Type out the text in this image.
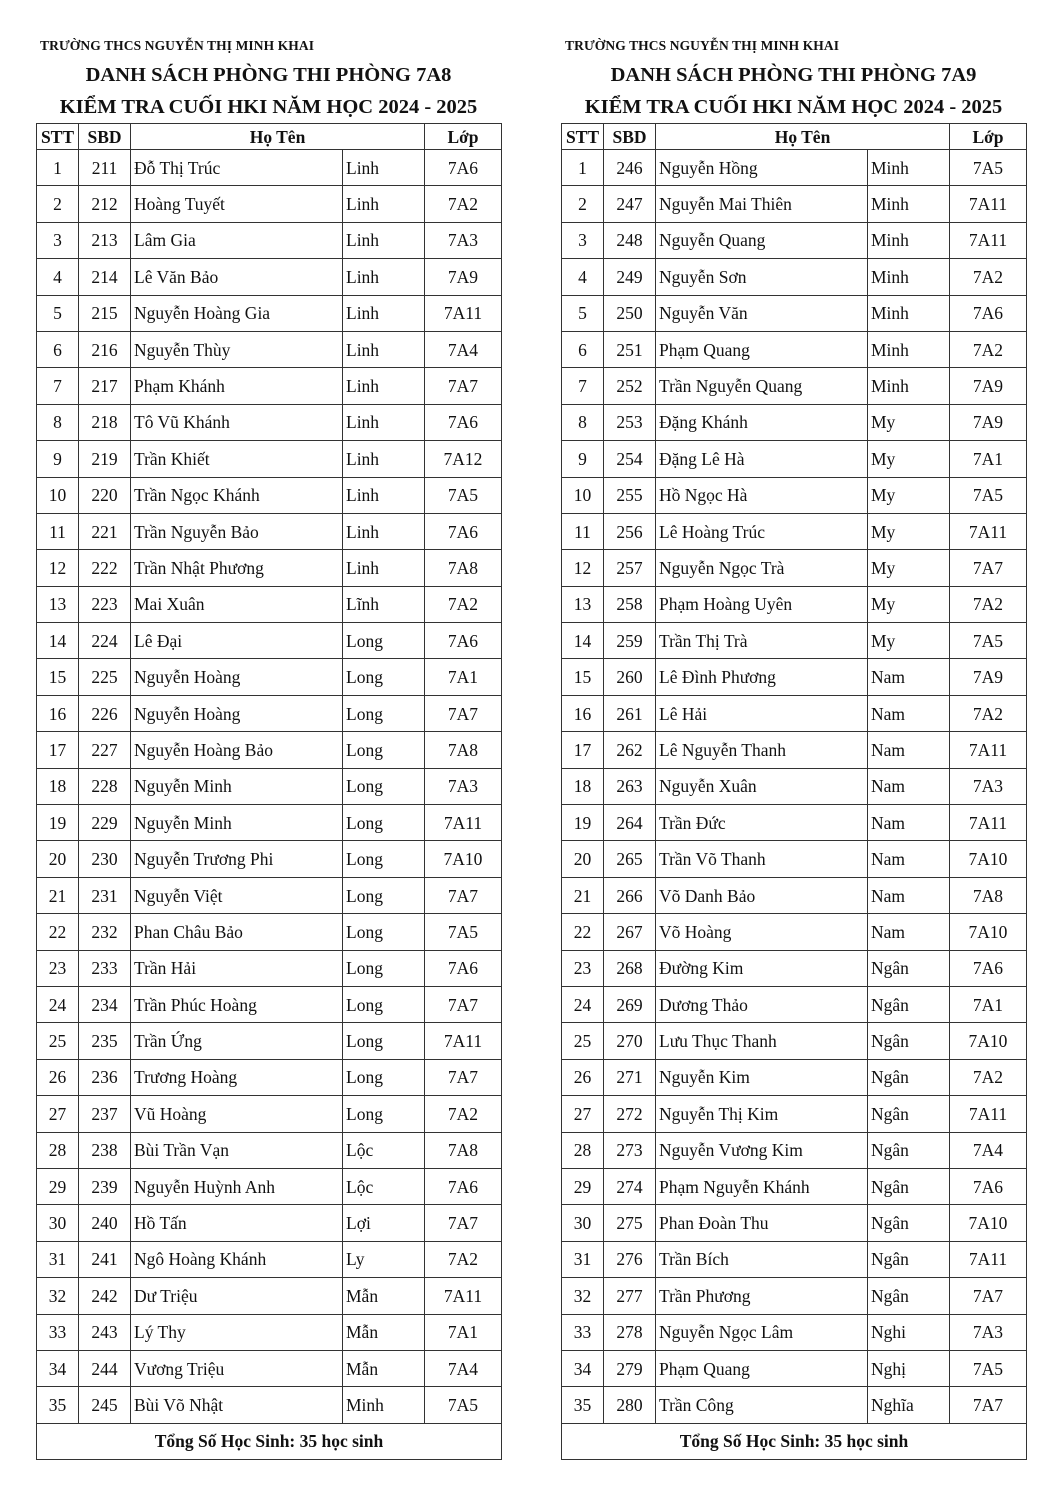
TRƯỜNG THCS NGUYỄN THỊ MINH KHAI
DANH SÁCH PHÒNG THI PHÒNG 7A8
KIỂM TRA CUỐI HKI NĂM HỌC 2024 - 2025
STT	SBD	Họ Tên		Lớp
1	211	Đỗ Thị Trúc	Linh	7A6
2	212	Hoàng Tuyết	Linh	7A2
3	213	Lâm Gia	Linh	7A3
4	214	Lê Văn Bảo	Linh	7A9
5	215	Nguyễn Hoàng Gia	Linh	7A11
6	216	Nguyễn Thùy	Linh	7A4
7	217	Phạm Khánh	Linh	7A7
8	218	Tô Vũ Khánh	Linh	7A6
9	219	Trần Khiết	Linh	7A12
10	220	Trần Ngọc Khánh	Linh	7A5
11	221	Trần Nguyễn Bảo	Linh	7A6
12	222	Trần Nhật Phương	Linh	7A8
13	223	Mai Xuân	Lĩnh	7A2
14	224	Lê Đại	Long	7A6
15	225	Nguyễn Hoàng	Long	7A1
16	226	Nguyễn Hoàng	Long	7A7
17	227	Nguyễn Hoàng Bảo	Long	7A8
18	228	Nguyễn Minh	Long	7A3
19	229	Nguyễn Minh	Long	7A11
20	230	Nguyễn Trương Phi	Long	7A10
21	231	Nguyễn Việt	Long	7A7
22	232	Phan Châu Bảo	Long	7A5
23	233	Trần Hải	Long	7A6
24	234	Trần Phúc Hoàng	Long	7A7
25	235	Trần Ứng	Long	7A11
26	236	Trương Hoàng	Long	7A7
27	237	Vũ Hoàng	Long	7A2
28	238	Bùi Trần Vạn	Lộc	7A8
29	239	Nguyễn Huỳnh Anh	Lộc	7A6
30	240	Hồ Tấn	Lợi	7A7
31	241	Ngô Hoàng Khánh	Ly	7A2
32	242	Dư Triệu	Mẫn	7A11
33	243	Lý Thy	Mẫn	7A1
34	244	Vương Triệu	Mẫn	7A4
35	245	Bùi Võ Nhật	Minh	7A5
Tổng Số Học Sinh: 35 học sinh				
TRƯỜNG THCS NGUYỄN THỊ MINH KHAI
DANH SÁCH PHÒNG THI PHÒNG 7A9
KIỂM TRA CUỐI HKI NĂM HỌC 2024 - 2025
STT	SBD	Họ Tên		Lớp
1	246	Nguyễn Hồng	Minh	7A5
2	247	Nguyễn Mai Thiên	Minh	7A11
3	248	Nguyễn Quang	Minh	7A11
4	249	Nguyễn Sơn	Minh	7A2
5	250	Nguyễn Văn	Minh	7A6
6	251	Phạm Quang	Minh	7A2
7	252	Trần Nguyễn Quang	Minh	7A9
8	253	Đặng Khánh	My	7A9
9	254	Đặng Lê Hà	My	7A1
10	255	Hồ Ngọc Hà	My	7A5
11	256	Lê Hoàng Trúc	My	7A11
12	257	Nguyễn Ngọc Trà	My	7A7
13	258	Phạm Hoàng Uyên	My	7A2
14	259	Trần Thị Trà	My	7A5
15	260	Lê Đình Phương	Nam	7A9
16	261	Lê Hải	Nam	7A2
17	262	Lê Nguyễn Thanh	Nam	7A11
18	263	Nguyễn Xuân	Nam	7A3
19	264	Trần Đức	Nam	7A11
20	265	Trần Võ Thanh	Nam	7A10
21	266	Võ Danh Bảo	Nam	7A8
22	267	Võ Hoàng	Nam	7A10
23	268	Đường Kim	Ngân	7A6
24	269	Dương Thảo	Ngân	7A1
25	270	Lưu Thục Thanh	Ngân	7A10
26	271	Nguyễn Kim	Ngân	7A2
27	272	Nguyễn Thị Kim	Ngân	7A11
28	273	Nguyễn Vương Kim	Ngân	7A4
29	274	Phạm Nguyễn Khánh	Ngân	7A6
30	275	Phan Đoàn Thu	Ngân	7A10
31	276	Trần Bích	Ngân	7A11
32	277	Trần Phương	Ngân	7A7
33	278	Nguyễn Ngọc Lâm	Nghi	7A3
34	279	Phạm Quang	Nghị	7A5
35	280	Trần Công	Nghĩa	7A7
Tổng Số Học Sinh: 35 học sinh				
